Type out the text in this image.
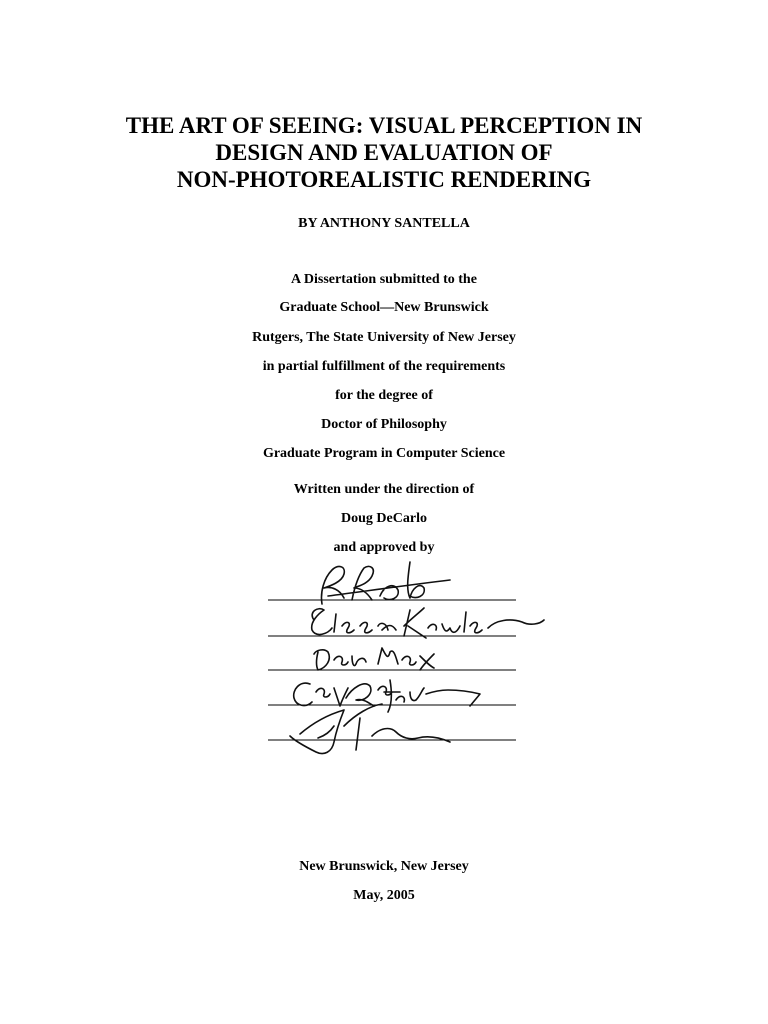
THE ART OF SEEING: VISUAL PERCEPTION IN
DESIGN AND EVALUATION OF
NON-PHOTOREALISTIC RENDERING
BY ANTHONY SANTELLA
A Dissertation submitted to the
Graduate School—New Brunswick
Rutgers, The State University of New Jersey
in partial fulfillment of the requirements
for the degree of
Doctor of Philosophy
Graduate Program in Computer Science
Written under the direction of
Doug DeCarlo
and approved by
New Brunswick, New Jersey
May, 2005
